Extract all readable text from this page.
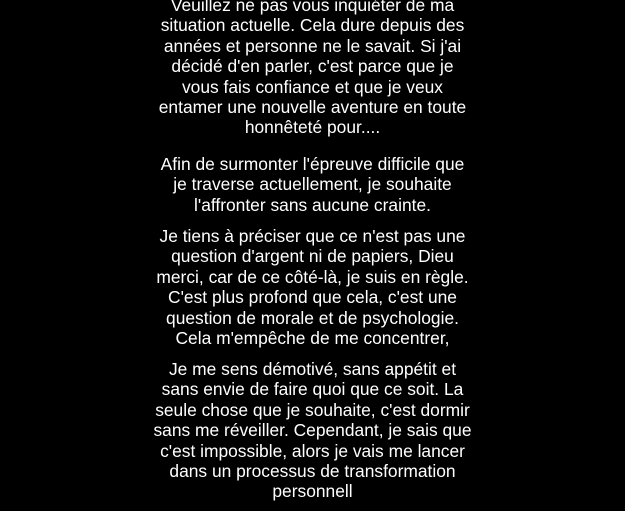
Veuillez ne pas vous inquiéter de ma
situation actuelle. Cela dure depuis des
années et personne ne le savait. Si j'ai
décidé d'en parler, c'est parce que je
vous fais confiance et que je veux
entamer une nouvelle aventure en toute
honnêteté pour....

Afin de surmonter l'épreuve difficile que
je traverse actuellement, je souhaite
l'affronter sans aucune crainte.

Je tiens à préciser que ce n'est pas une
question d'argent ni de papiers, Dieu
merci, car de ce côté-là, je suis en règle.
C'est plus profond que cela, c'est une
question de morale et de psychologie.
Cela m'empêche de me concentrer,

Je me sens démotivé, sans appétit et
sans envie de faire quoi que ce soit. La
seule chose que je souhaite, c'est dormir
sans me réveiller. Cependant, je sais que
c'est impossible, alors je vais me lancer
dans un processus de transformation
personnell
